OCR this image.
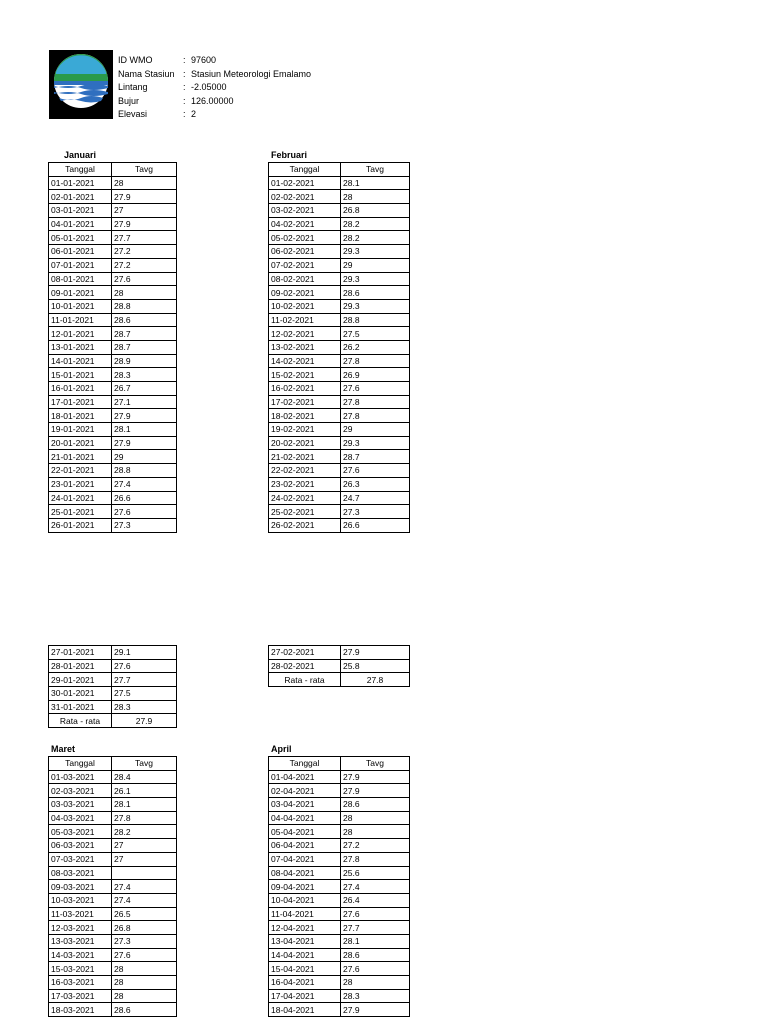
ID WMO	: 97600
Nama Stasiun : Stasiun Meteorologi Emalamo
Lintang	: -2.05000
Bujur	: 126.00000
Elevasi	: 2
Januari
Tanggal	Tavg
01-01-2021	28
02-01-2021	27.9
03-01-2021	27
04-01-2021	27.9
05-01-2021	27.7
06-01-2021	27.2
07-01-2021	27.2
08-01-2021	27.6
09-01-2021	28
10-01-2021	28.8
11-01-2021	28.6
12-01-2021	28.7
13-01-2021	28.7
14-01-2021	28.9
15-01-2021	28.3
16-01-2021	26.7
17-01-2021	27.1
18-01-2021	27.9
19-01-2021	28.1
20-01-2021	27.9
21-01-2021	29
22-01-2021	28.8
23-01-2021	27.4
24-01-2021	26.6
25-01-2021	27.6
26-01-2021	27.3
27-01-2021	29.1
28-01-2021	27.6
29-01-2021	27.7
30-01-2021	27.5
31-01-2021	28.3
Rata - rata	27.9
Februari
Tanggal	Tavg
01-02-2021	28.1
02-02-2021	28
03-02-2021	26.8
04-02-2021	28.2
05-02-2021	28.2
06-02-2021	29.3
07-02-2021	29
08-02-2021	29.3
09-02-2021	28.6
10-02-2021	29.3
11-02-2021	28.8
12-02-2021	27.5
13-02-2021	26.2
14-02-2021	27.8
15-02-2021	26.9
16-02-2021	27.6
17-02-2021	27.8
18-02-2021	27.8
19-02-2021	29
20-02-2021	29.3
21-02-2021	28.7
22-02-2021	27.6
23-02-2021	26.3
24-02-2021	24.7
25-02-2021	27.3
26-02-2021	26.6
27-02-2021	27.9
28-02-2021	25.8
Rata - rata	27.8
Maret
Tanggal	Tavg
01-03-2021	28.4
02-03-2021	26.1
03-03-2021	28.1
04-03-2021	27.8
05-03-2021	28.2
06-03-2021	27
07-03-2021	27
08-03-2021	
09-03-2021	27.4
10-03-2021	27.4
11-03-2021	26.5
12-03-2021	26.8
13-03-2021	27.3
14-03-2021	27.6
15-03-2021	28
16-03-2021	28
17-03-2021	28
18-03-2021	28.6
April
Tanggal	Tavg
01-04-2021	27.9
02-04-2021	27.9
03-04-2021	28.6
04-04-2021	28
05-04-2021	28
06-04-2021	27.2
07-04-2021	27.8
08-04-2021	25.6
09-04-2021	27.4
10-04-2021	26.4
11-04-2021	27.6
12-04-2021	27.7
13-04-2021	28.1
14-04-2021	28.6
15-04-2021	27.6
16-04-2021	28
17-04-2021	28.3
18-04-2021	27.9
